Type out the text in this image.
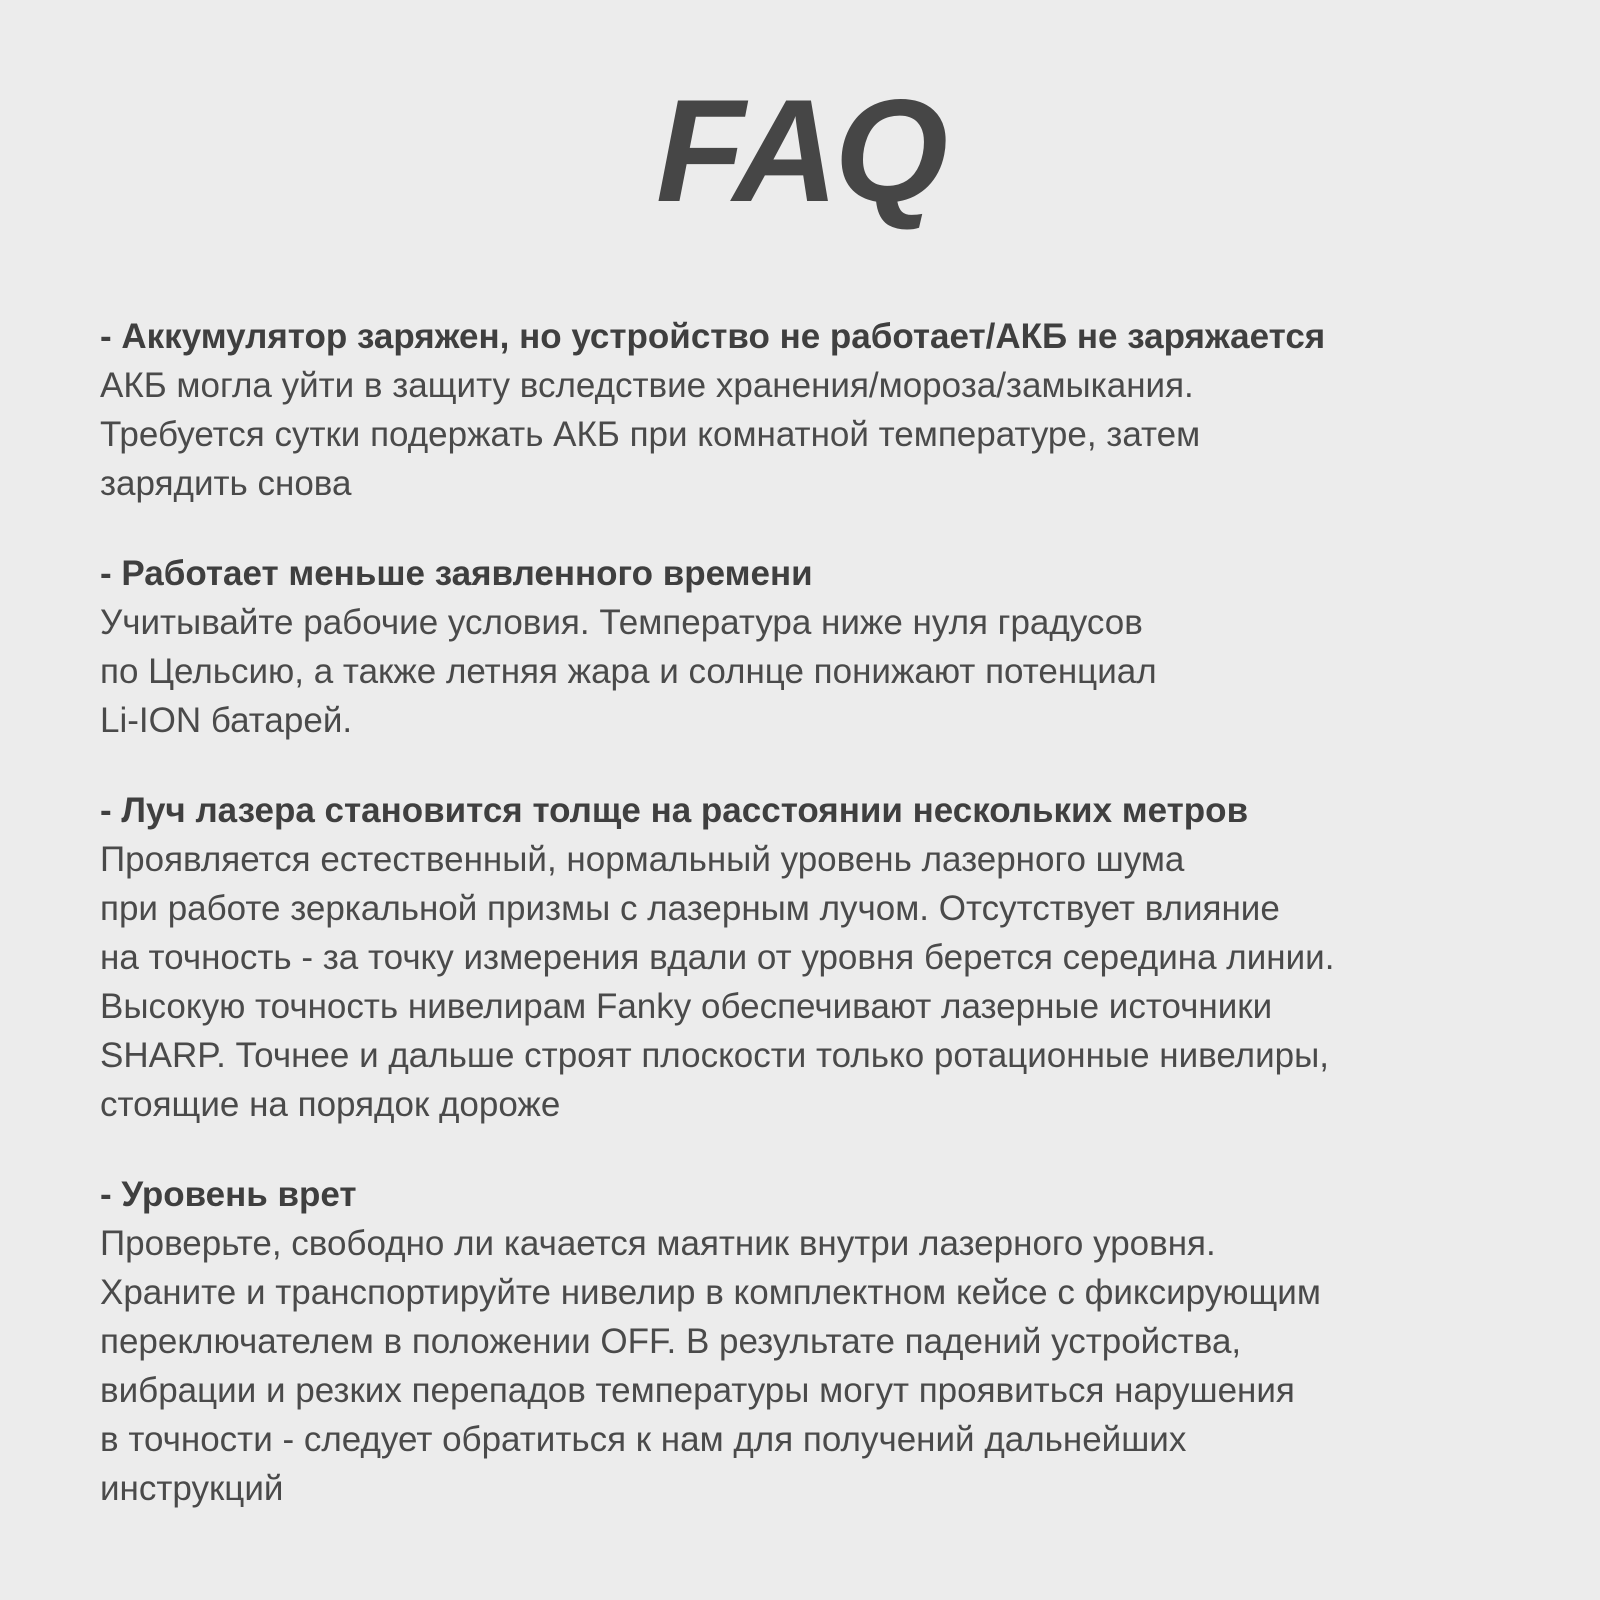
FAQ

- Аккумулятор заряжен, но устройство не работает/АКБ не заряжается

АКБ могла уйти в защиту вследствие хранения/мороза/замыкания.
Требуется сутки подержать АКБ при комнатной температуре, затем
зарядить снова

- Работает меньше заявленного времени

Учитывайте рабочие условия. Температура ниже нуля градусов
по Цельсию, а также летняя жара и солнце понижают потенциал
Li-ION батарей.

- Луч лазера становится толще на расстоянии нескольких метров

Проявляется естественный, нормальный уровень лазерного шума
при работе зеркальной призмы с лазерным лучом. Отсутствует влияние
на точность - за точку измерения вдали от уровня берется середина линии.
Высокую точность нивелирам Fanky обеспечивают лазерные источники
SHARP. Точнее и дальше строят плоскости только ротационные нивелиры,
стоящие на порядок дороже

- Уровень врет

Проверьте, свободно ли качается маятник внутри лазерного уровня.
Храните и транспортируйте нивелир в комплектном кейсе с фиксирующим
переключателем в положении OFF. В результате падений устройства,
вибрации и резких перепадов температуры могут проявиться нарушения
в точности - следует обратиться к нам для получений дальнейших
инструкций
